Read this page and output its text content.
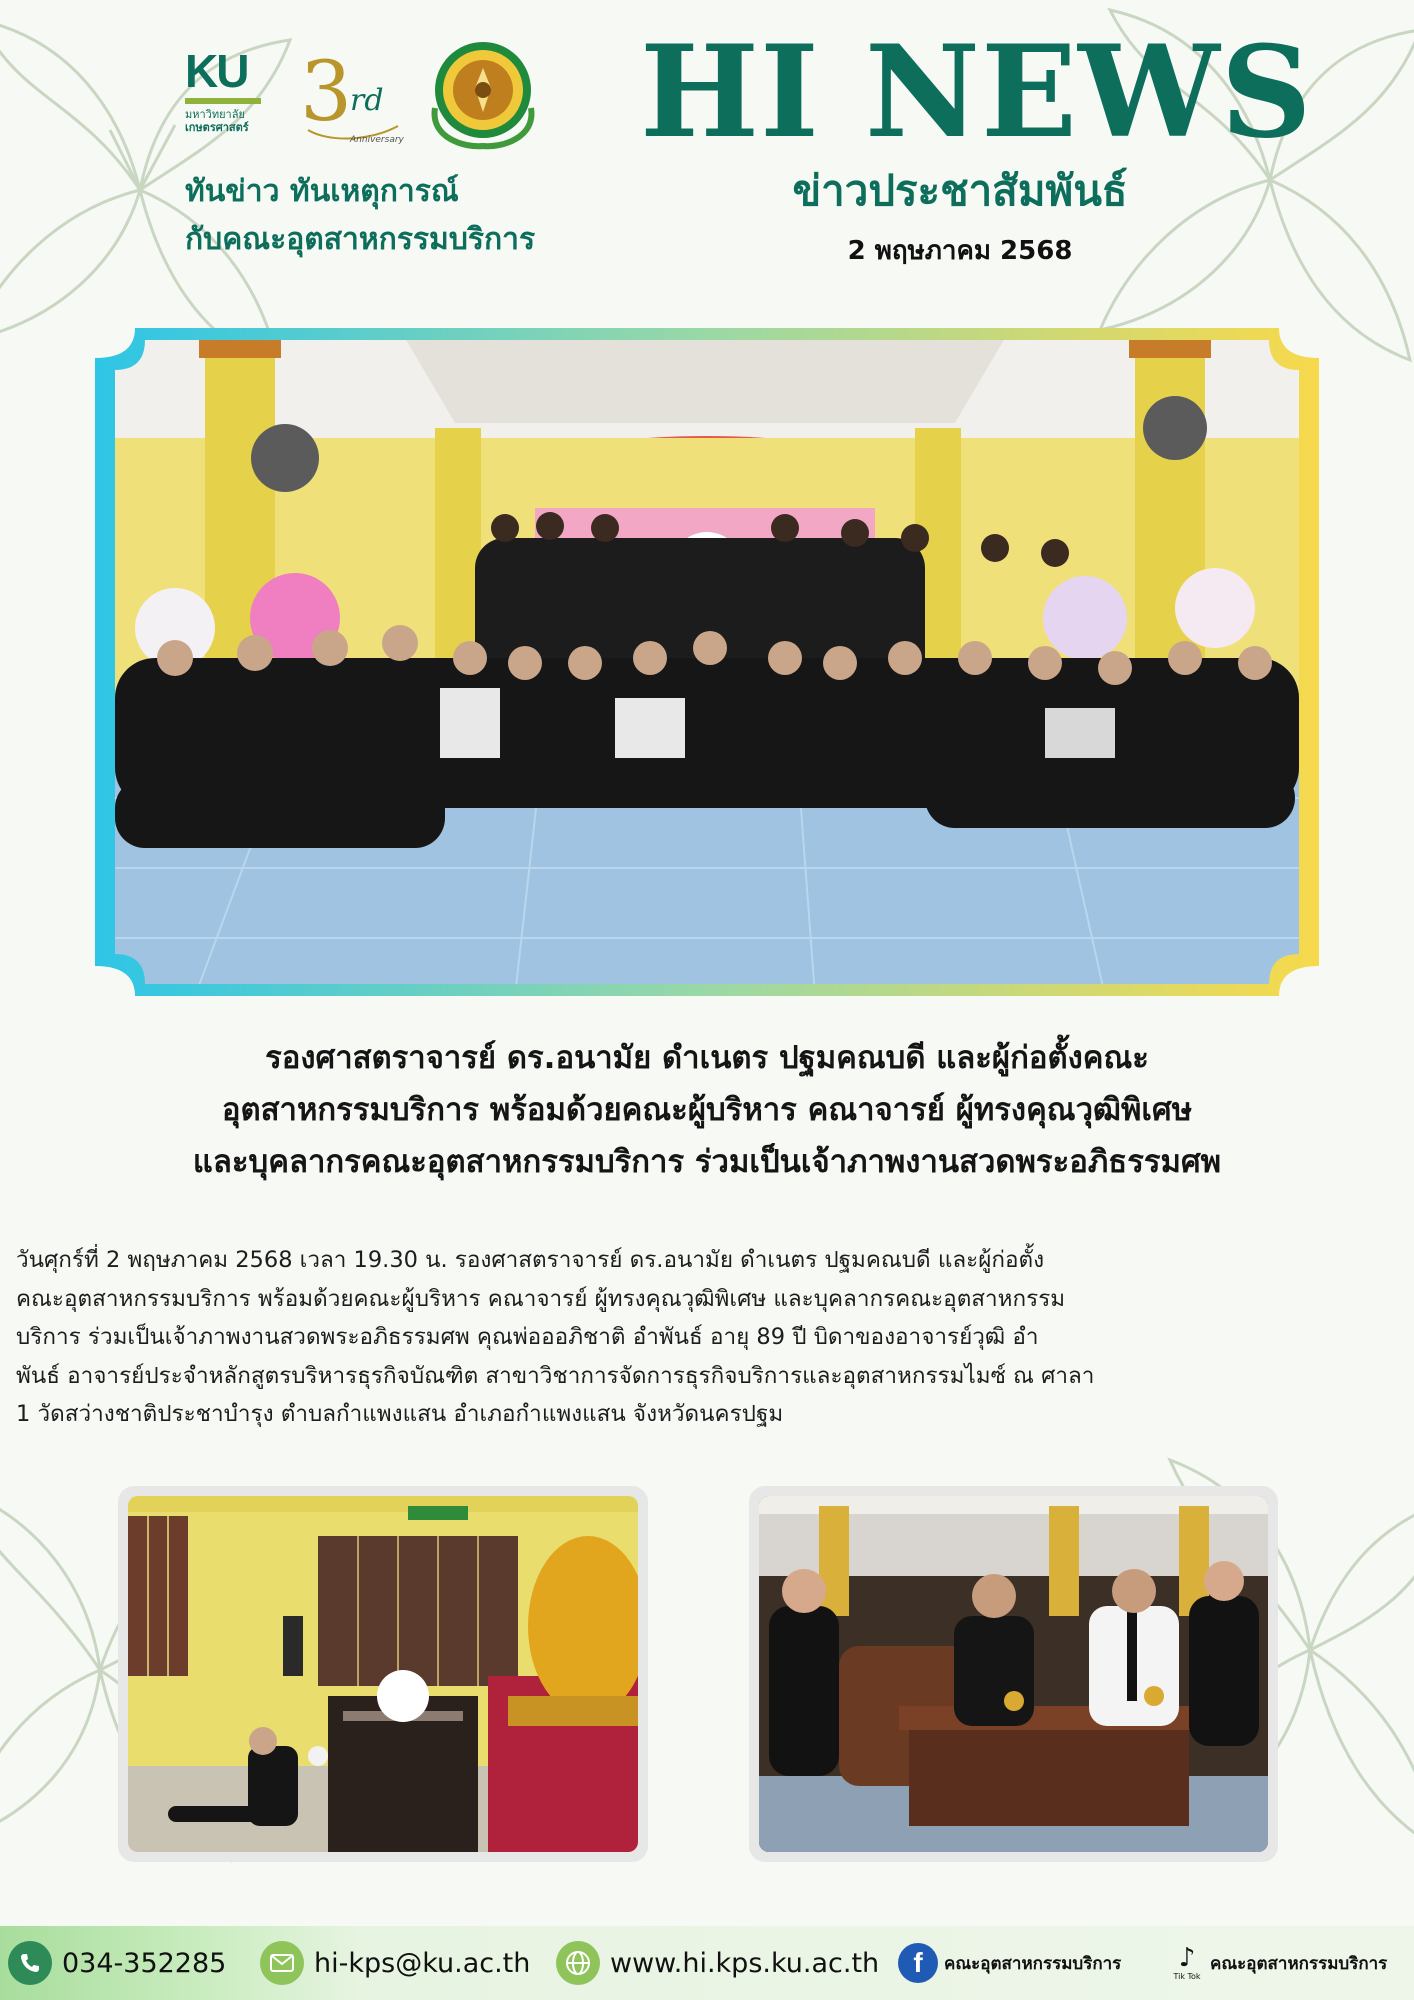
KU
มหาวิทยาลัย
เกษตรศาสตร์ 3
rd
Anniversary
ทันข่าว ทันเหตุการณ์
กับคณะอุตสาหกรรมบริการ
HI NEWS
ข่าวประชาสัมพันธ์
2 พฤษภาคม 2568
รองศาสตราจารย์ ดร.อนามัย ดำเนตร ปฐมคณบดี และผู้ก่อตั้งคณะ
อุตสาหกรรมบริการ พร้อมด้วยคณะผู้บริหาร คณาจารย์ ผู้ทรงคุณวุฒิพิเศษ
และบุคลากรคณะอุตสาหกรรมบริการ ร่วมเป็นเจ้าภาพงานสวดพระอภิธรรมศพ
วันศุกร์ที่ 2 พฤษภาคม 2568 เวลา 19.30 น. รองศาสตราจารย์ ดร.อนามัย ดำเนตร ปฐมคณบดี และผู้ก่อตั้ง
คณะอุตสาหกรรมบริการ พร้อมด้วยคณะผู้บริหาร คณาจารย์ ผู้ทรงคุณวุฒิพิเศษ และบุคลากรคณะอุตสาหกรรม
บริการ ร่วมเป็นเจ้าภาพงานสวดพระอภิธรรมศพ คุณพ่อออภิชาติ อำพันธ์ อายุ 89 ปี บิดาของอาจารย์วุฒิ อำ
พันธ์ อาจารย์ประจำหลักสูตรบริหารธุรกิจบัณฑิต สาขาวิชาการจัดการธุรกิจบริการและอุตสาหกรรมไมซ์ ณ ศาลา
1 วัดสว่างชาติประชาบำรุง ตำบลกำแพงแสน อำเภอกำแพงแสน จังหวัดนครปฐม
034-352285	hi-kps@ku.ac.th	www.hi.kps.ku.ac.th f คณะอุตสาหกรรมบริการ ♪
Tik Tok
คณะอุตสาหกรรมบริการ
